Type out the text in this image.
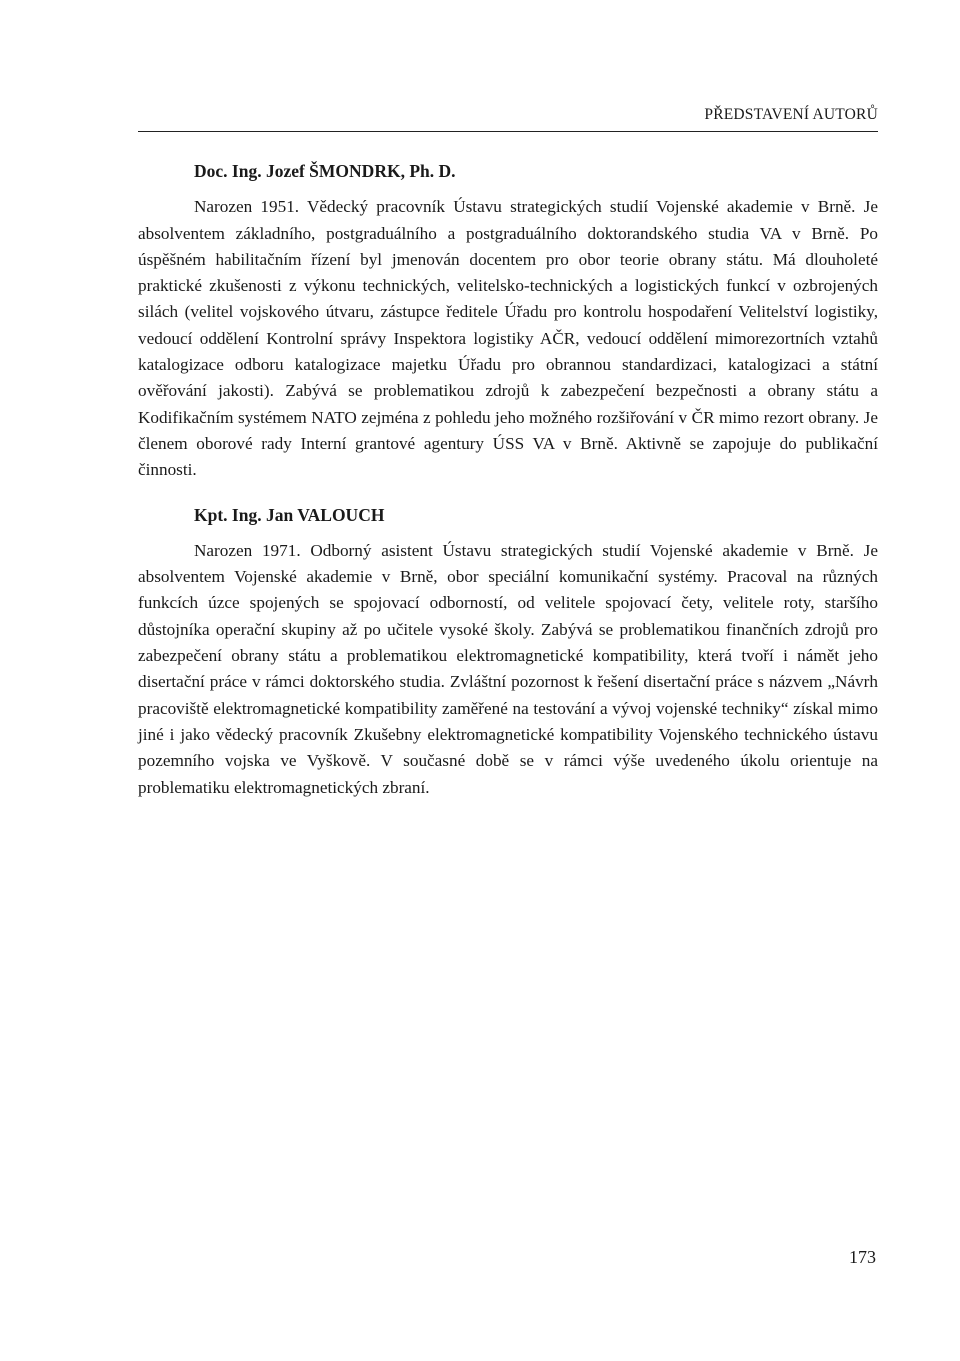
PŘEDSTAVENÍ AUTORŮ
Doc. Ing. Jozef ŠMONDRK, Ph. D.

Narozen 1951. Vědecký pracovník Ústavu strategických studií Vojenské akademie v Brně. Je absolventem základního, postgraduálního a postgraduálního doktorandského studia VA v Brně. Po úspěšném habilitačním řízení byl jmenován docentem pro obor teorie obrany státu. Má dlouholeté praktické zkušenosti z výkonu technických, velitelsko-technických a logistických funkcí v ozbrojených silách (velitel vojskového útvaru, zástupce ředitele Úřadu pro kontrolu hospodaření Velitelství logistiky, vedoucí oddělení Kontrolní správy Inspektora logistiky AČR, vedoucí oddělení mimorezortních vztahů katalogizace odboru katalogizace majetku Úřadu pro obrannou standardizaci, katalogizaci a státní ověřování jakosti). Zabývá se problematikou zdrojů k zabezpečení bezpečnosti a obrany státu a Kodifikačním systémem NATO zejména z pohledu jeho možného rozšiřování v ČR mimo rezort obrany. Je členem oborové rady Interní grantové agentury ÚSS VA v Brně. Aktivně se zapojuje do publikační činnosti.

Kpt. Ing. Jan VALOUCH

Narozen 1971. Odborný asistent Ústavu strategických studií Vojenské akademie v Brně. Je absolventem Vojenské akademie v Brně, obor speciální komunikační systémy. Pracoval na různých funkcích úzce spojených se spojovací odborností, od velitele spojovací čety, velitele roty, staršího důstojníka operační skupiny až po učitele vysoké školy. Zabývá se problematikou finančních zdrojů pro zabezpečení obrany státu a problematikou elektromagnetické kompatibility, která tvoří i námět jeho disertační práce v rámci doktorského studia. Zvláštní pozornost k řešení disertační práce s názvem „Návrh pracoviště elektromagnetické kompatibility zaměřené na testování a vývoj vojenské techniky“ získal mimo jiné i jako vědecký pracovník Zkušebny elektromagnetické kompatibility Vojenského technického ústavu pozemního vojska ve Vyškově. V současné době se v rámci výše uvedeného úkolu orientuje na problematiku elektromagnetických zbraní.

173
